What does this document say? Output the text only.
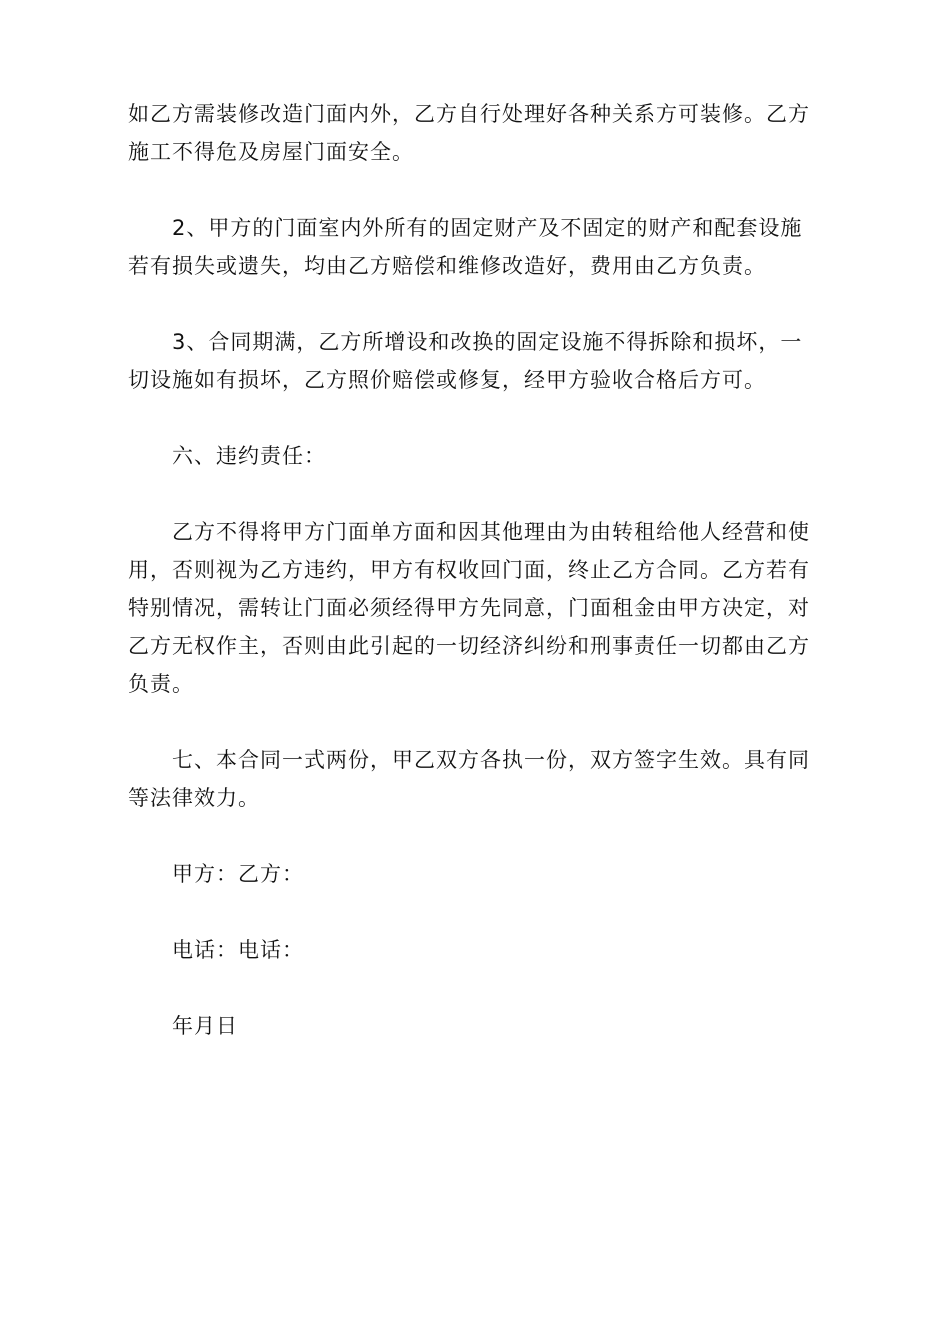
如乙方需装修改造门面内外，乙方自行处理好各种关系方可装修。乙方
施工不得危及房屋门面安全。

2、甲方的门面室内外所有的固定财产及不固定的财产和配套设施
若有损失或遗失，均由乙方赔偿和维修改造好，费用由乙方负责。

3、合同期满，乙方所增设和改换的固定设施不得拆除和损坏，一
切设施如有损坏，乙方照价赔偿或修复，经甲方验收合格后方可。

六、违约责任：

乙方不得将甲方门面单方面和因其他理由为由转租给他人经营和使
用，否则视为乙方违约，甲方有权收回门面，终止乙方合同。乙方若有
特别情况，需转让门面必须经得甲方先同意，门面租金由甲方决定，对
乙方无权作主，否则由此引起的一切经济纠纷和刑事责任一切都由乙方
负责。

七、本合同一式两份，甲乙双方各执一份，双方签字生效。具有同
等法律效力。

甲方：乙方：

电话：电话：

年月日
